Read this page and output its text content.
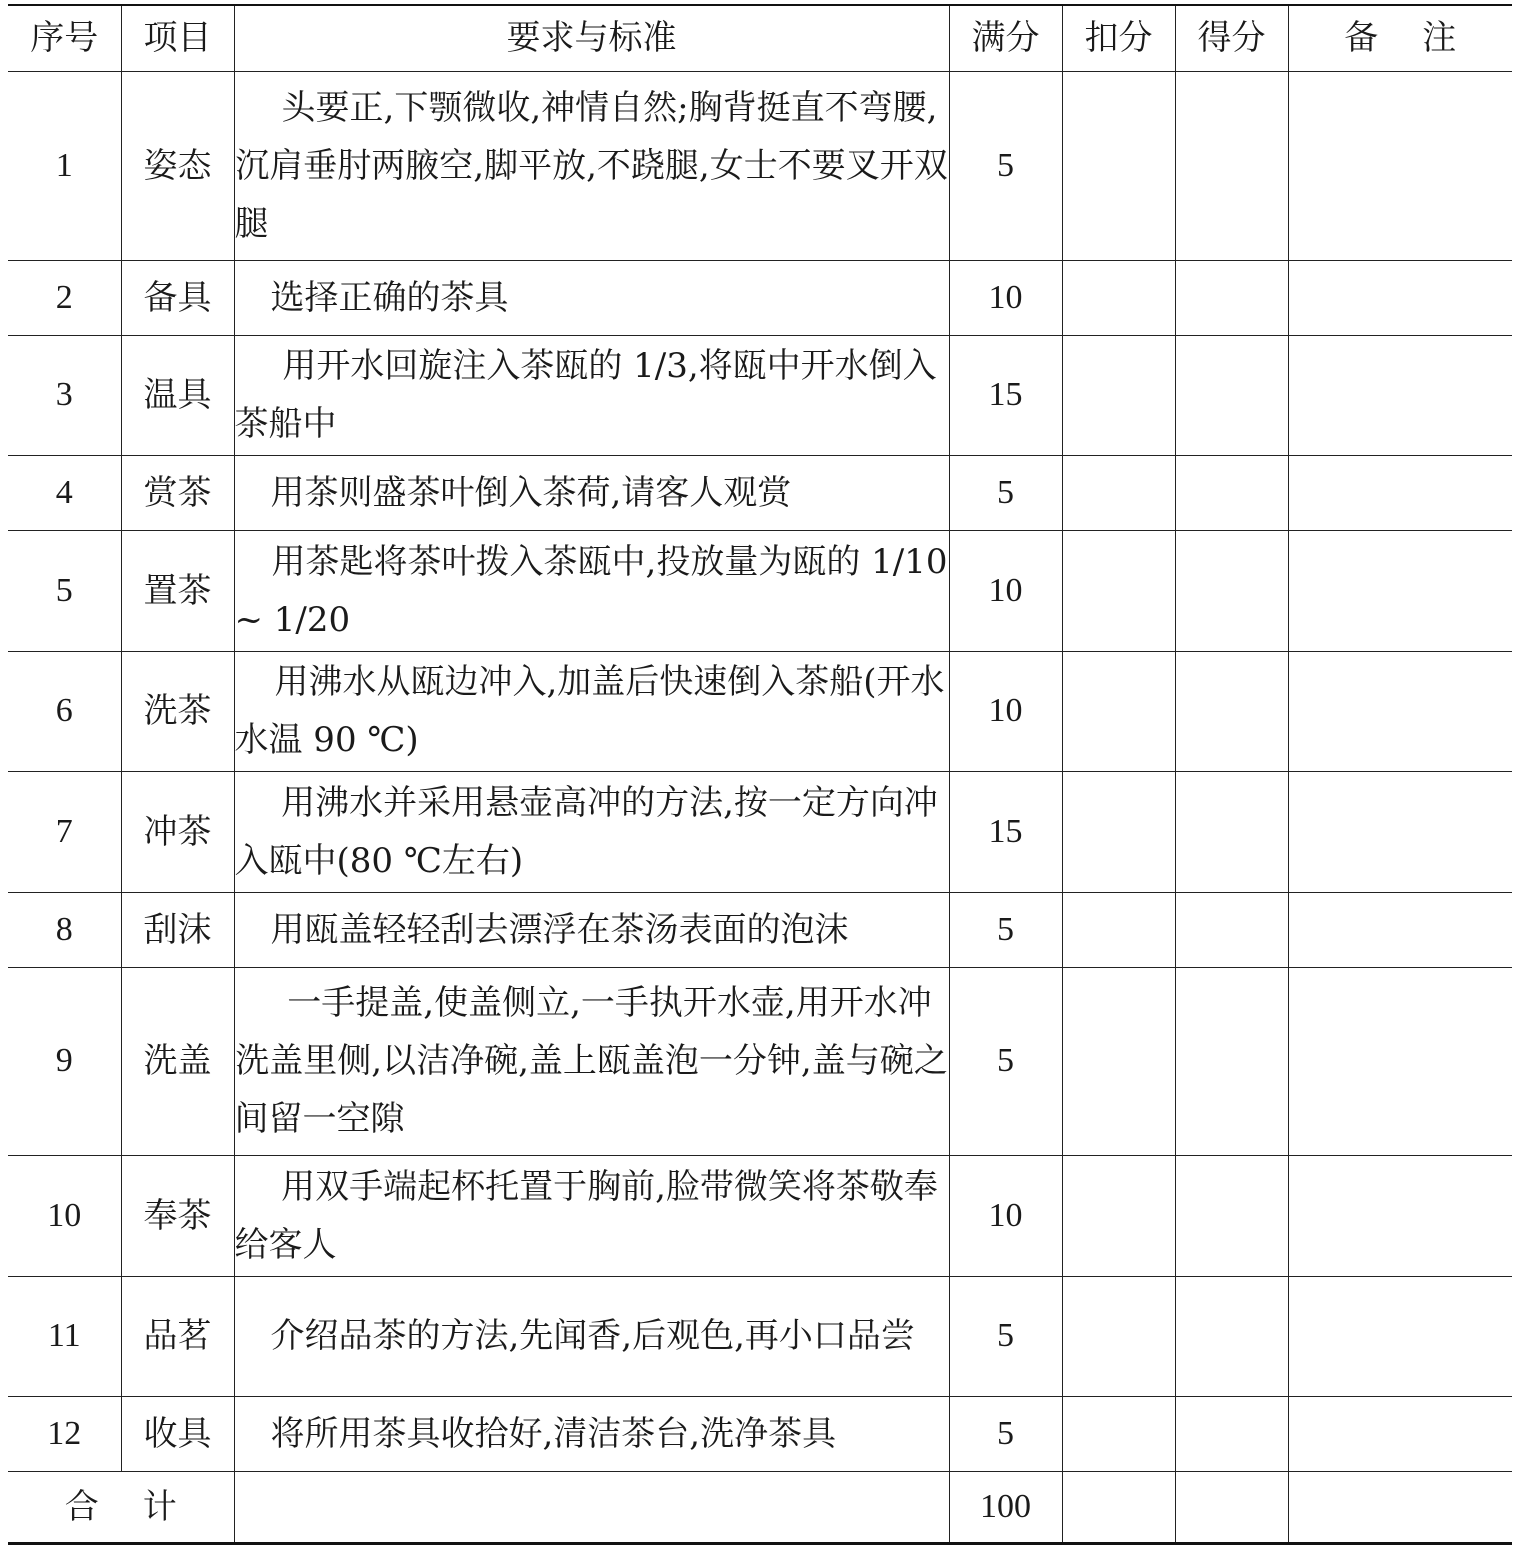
序号	项目	要求与标准	满分	扣分	得分	备注
1	姿态	头要正,下颚微收,神情自然;胸背挺直不弯腰,沉肩垂肘两腋空,脚平放,不跷腿,女士不要叉开双腿	5			
2	备具	选择正确的茶具	10			
3	温具	用开水回旋注入茶瓯的 1/3,将瓯中开水倒入茶船中	15			
4	赏茶	用茶则盛茶叶倒入茶荷,请客人观赏	5			
5	置茶	用茶匙将茶叶拨入茶瓯中,投放量为瓯的 1/10 ~ 1/20	10			
6	洗茶	用沸水从瓯边冲入,加盖后快速倒入茶船(开水水温 90 ℃)	10			
7	冲茶	用沸水并采用悬壶高冲的方法,按一定方向冲入瓯中(80 ℃左右)	15			
8	刮沫	用瓯盖轻轻刮去漂浮在茶汤表面的泡沫	5			
9	洗盖	一手提盖,使盖侧立,一手执开水壶,用开水冲洗盖里侧,以洁净碗,盖上瓯盖泡一分钟,盖与碗之间留一空隙	5			
10	奉茶	用双手端起杯托置于胸前,脸带微笑将茶敬奉给客人	10			
11	品茗	介绍品茶的方法,先闻香,后观色,再小口品尝	5			
12	收具	将所用茶具收拾好,清洁茶台,洗净茶具	5			
合计			100			
